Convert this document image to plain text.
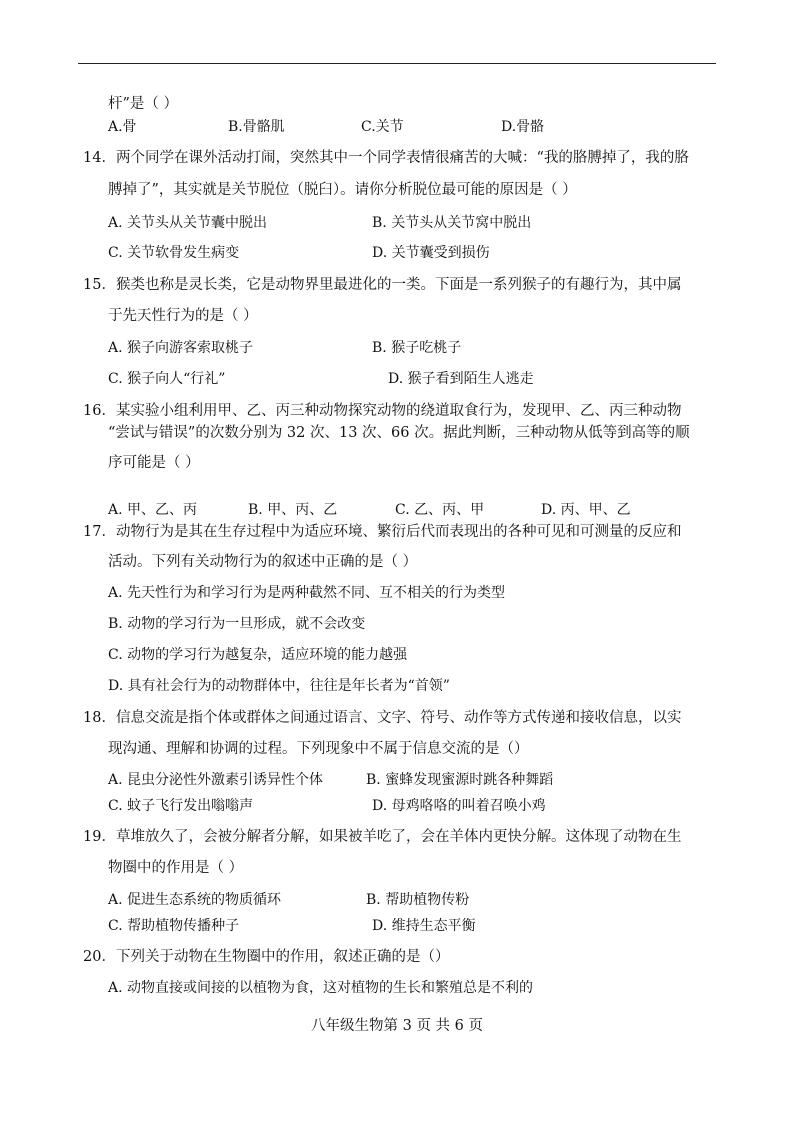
杆”是（ ）
A.骨	B.骨骼肌	C.关节	D.骨骼
14．两个同学在课外活动打闹，突然其中一个同学表情很痛苦的大喊：“我的胳膊掉了，我的胳
膊掉了”，其实就是关节脱位（脱臼）。请你分析脱位最可能的原因是（ ）
A. 关节头从关节囊中脱出	B. 关节头从关节窝中脱出
C. 关节软骨发生病变	D. 关节囊受到损伤
15．猴类也称是灵长类，它是动物界里最进化的一类。下面是一系列猴子的有趣行为，其中属
于先天性行为的是（ ）
A. 猴子向游客索取桃子	B. 猴子吃桃子
C. 猴子向人“行礼”	D. 猴子看到陌生人逃走
16．某实验小组利用甲、乙、丙三种动物探究动物的绕道取食行为，发现甲、乙、丙三种动物
“尝试与错误”的次数分别为 32 次、13 次、66 次。据此判断，三种动物从低等到高等的顺
序可能是（ ）
A. 甲、乙、丙	B. 甲、丙、乙	C. 乙、丙、甲	D. 丙、甲、乙
17．动物行为是其在生存过程中为适应环境、繁衍后代而表现出的各种可见和可测量的反应和
活动。下列有关动物行为的叙述中正确的是（ ）
A. 先天性行为和学习行为是两种截然不同、互不相关的行为类型
B. 动物的学习行为一旦形成，就不会改变
C. 动物的学习行为越复杂，适应环境的能力越强
D. 具有社会行为的动物群体中，往往是年长者为“首领”
18．信息交流是指个体或群体之间通过语言、文字、符号、动作等方式传递和接收信息，以实
现沟通、理解和协调的过程。下列现象中不属于信息交流的是（）
A. 昆虫分泌性外激素引诱异性个体	B. 蜜蜂发现蜜源时跳各种舞蹈
C. 蚊子飞行发出嗡嗡声	D. 母鸡咯咯的叫着召唤小鸡
19．草堆放久了，会被分解者分解，如果被羊吃了，会在羊体内更快分解。这体现了动物在生
物圈中的作用是（ ）
A. 促进生态系统的物质循环	B. 帮助植物传粉
C. 帮助植物传播种子	D. 维持生态平衡
20．下列关于动物在生物圈中的作用，叙述正确的是（）
A. 动物直接或间接的以植物为食，这对植物的生长和繁殖总是不利的
八年级生物第 3 页 共 6 页
